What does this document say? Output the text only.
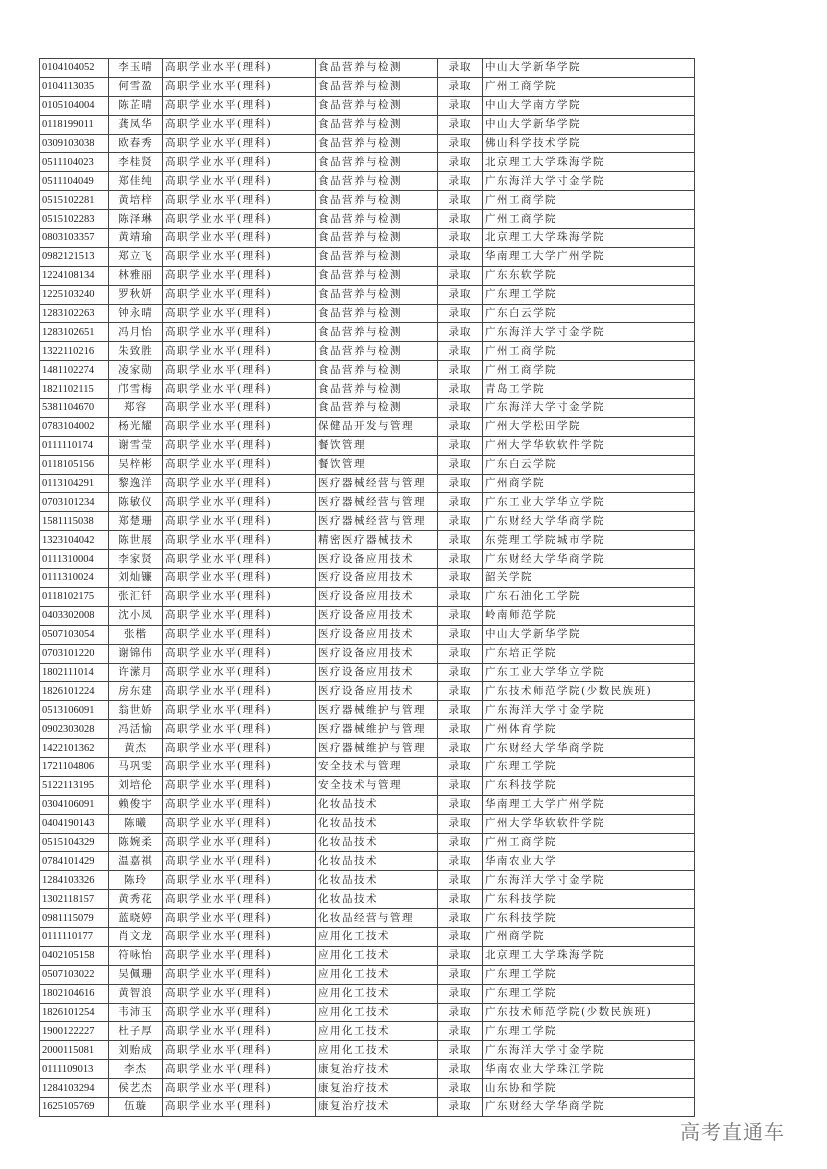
0104104052	李玉晴	高职学业水平(理科)	食品营养与检测	录取	中山大学新华学院
0104113035	何雪盈	高职学业水平(理科)	食品营养与检测	录取	广州工商学院
0105104004	陈芷晴	高职学业水平(理科)	食品营养与检测	录取	中山大学南方学院
0118199011	龚凤华	高职学业水平(理科)	食品营养与检测	录取	中山大学新华学院
0309103038	欧春秀	高职学业水平(理科)	食品营养与检测	录取	佛山科学技术学院
0511104023	李桂贤	高职学业水平(理科)	食品营养与检测	录取	北京理工大学珠海学院
0511104049	郑佳纯	高职学业水平(理科)	食品营养与检测	录取	广东海洋大学寸金学院
0515102281	黄培梓	高职学业水平(理科)	食品营养与检测	录取	广州工商学院
0515102283	陈泽琳	高职学业水平(理科)	食品营养与检测	录取	广州工商学院
0803103357	黄靖瑜	高职学业水平(理科)	食品营养与检测	录取	北京理工大学珠海学院
0982121513	郑立飞	高职学业水平(理科)	食品营养与检测	录取	华南理工大学广州学院
1224108134	林雅丽	高职学业水平(理科)	食品营养与检测	录取	广东东软学院
1225103240	罗秋妍	高职学业水平(理科)	食品营养与检测	录取	广东理工学院
1283102263	钟永晴	高职学业水平(理科)	食品营养与检测	录取	广东白云学院
1283102651	冯月怡	高职学业水平(理科)	食品营养与检测	录取	广东海洋大学寸金学院
1322110216	朱致胜	高职学业水平(理科)	食品营养与检测	录取	广州工商学院
1481102274	凌家勋	高职学业水平(理科)	食品营养与检测	录取	广州工商学院
1821102115	邝雪梅	高职学业水平(理科)	食品营养与检测	录取	青岛工学院
5381104670	郑容	高职学业水平(理科)	食品营养与检测	录取	广东海洋大学寸金学院
0783104002	杨光耀	高职学业水平(理科)	保健品开发与管理	录取	广州大学松田学院
0111110174	谢雪莹	高职学业水平(理科)	餐饮管理	录取	广州大学华软软件学院
0118105156	吴梓彬	高职学业水平(理科)	餐饮管理	录取	广东白云学院
0113104291	黎逸洋	高职学业水平(理科)	医疗器械经营与管理	录取	广州商学院
0703101234	陈敏仪	高职学业水平(理科)	医疗器械经营与管理	录取	广东工业大学华立学院
1581115038	郑楚珊	高职学业水平(理科)	医疗器械经营与管理	录取	广东财经大学华商学院
1323104042	陈世展	高职学业水平(理科)	精密医疗器械技术	录取	东莞理工学院城市学院
0111310004	李家贤	高职学业水平(理科)	医疗设备应用技术	录取	广东财经大学华商学院
0111310024	刘灿镰	高职学业水平(理科)	医疗设备应用技术	录取	韶关学院
0118102175	张汇钎	高职学业水平(理科)	医疗设备应用技术	录取	广东石油化工学院
0403302008	沈小凤	高职学业水平(理科)	医疗设备应用技术	录取	岭南师范学院
0507103054	张楷	高职学业水平(理科)	医疗设备应用技术	录取	中山大学新华学院
0703101220	谢锦伟	高职学业水平(理科)	医疗设备应用技术	录取	广东培正学院
1802111014	许潆月	高职学业水平(理科)	医疗设备应用技术	录取	广东工业大学华立学院
1826101224	房东建	高职学业水平(理科)	医疗设备应用技术	录取	广东技术师范学院(少数民族班)
0513106091	翁世娇	高职学业水平(理科)	医疗器械维护与管理	录取	广东海洋大学寸金学院
0902303028	冯活愉	高职学业水平(理科)	医疗器械维护与管理	录取	广州体育学院
1422101362	黄杰	高职学业水平(理科)	医疗器械维护与管理	录取	广东财经大学华商学院
1721104806	马巩雯	高职学业水平(理科)	安全技术与管理	录取	广东理工学院
5122113195	刘培伦	高职学业水平(理科)	安全技术与管理	录取	广东科技学院
0304106091	赖俊宇	高职学业水平(理科)	化妆品技术	录取	华南理工大学广州学院
0404190143	陈曦	高职学业水平(理科)	化妆品技术	录取	广州大学华软软件学院
0515104329	陈婉柔	高职学业水平(理科)	化妆品技术	录取	广州工商学院
0784101429	温嘉祺	高职学业水平(理科)	化妆品技术	录取	华南农业大学
1284103326	陈玲	高职学业水平(理科)	化妆品技术	录取	广东海洋大学寸金学院
1302118157	黄秀花	高职学业水平(理科)	化妆品技术	录取	广东科技学院
0981115079	蓝晓婷	高职学业水平(理科)	化妆品经营与管理	录取	广东科技学院
0111110177	肖文龙	高职学业水平(理科)	应用化工技术	录取	广州商学院
0402105158	符咏怡	高职学业水平(理科)	应用化工技术	录取	北京理工大学珠海学院
0507103022	吴佩珊	高职学业水平(理科)	应用化工技术	录取	广东理工学院
1802104616	黄智浪	高职学业水平(理科)	应用化工技术	录取	广东理工学院
1826101254	韦沛玉	高职学业水平(理科)	应用化工技术	录取	广东技术师范学院(少数民族班)
1900122227	杜子厚	高职学业水平(理科)	应用化工技术	录取	广东理工学院
2000115081	刘贻成	高职学业水平(理科)	应用化工技术	录取	广东海洋大学寸金学院
0111109013	李杰	高职学业水平(理科)	康复治疗技术	录取	华南农业大学珠江学院
1284103294	侯艺杰	高职学业水平(理科)	康复治疗技术	录取	山东协和学院
1625105769	伍璇	高职学业水平(理科)	康复治疗技术	录取	广东财经大学华商学院
高考直通车
